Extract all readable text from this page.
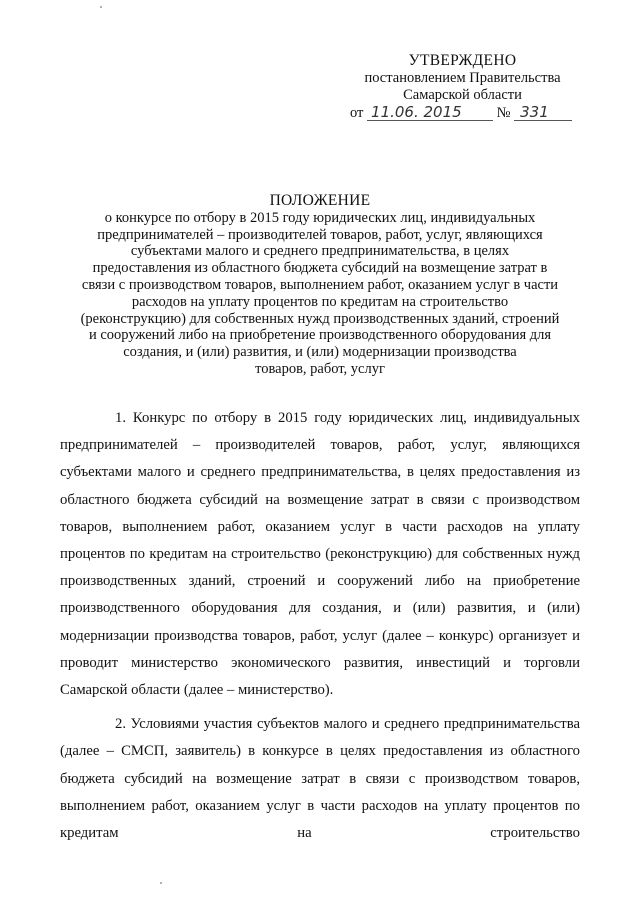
УТВЕРЖДЕНО
постановлением Правительства
Самарской области
от 11.06. 2015 № 331
ПОЛОЖЕНИЕ
о конкурсе по отбору в 2015 году юридических лиц, индивидуальных
предпринимателей – производителей товаров, работ, услуг, являющихся
субъектами малого и среднего предпринимательства, в целях
предоставления из областного бюджета субсидий на возмещение затрат в
связи с производством товаров, выполнением работ, оказанием услуг в части
расходов на уплату процентов по кредитам на строительство
(реконструкцию) для собственных нужд производственных зданий, строений
и сооружений либо на приобретение производственного оборудования для
создания, и (или) развития, и (или) модернизации производства
товаров, работ, услуг

1. Конкурс по отбору в 2015 году юридических лиц, индивидуальных предпринимателей – производителей товаров, работ, услуг, являющихся субъектами малого и среднего предпринимательства, в целях предоставления из областного бюджета субсидий на возмещение затрат в связи с производством товаров, выполнением работ, оказанием услуг в части расходов на уплату процентов по кредитам на строительство (реконструкцию) для собственных нужд производственных зданий, строений и сооружений либо на приобретение производственного оборудования для создания, и (или) развития, и (или) модернизации производства товаров, работ, услуг (далее – конкурс) организует и проводит министерство экономического развития, инвестиций и торговли Самарской области (далее – министерство).

2. Условиями участия субъектов малого и среднего предпринимательства (далее – СМСП, заявитель) в конкурсе в целях предоставления из областного бюджета субсидий на возмещение затрат в связи с производством товаров, выполнением работ, оказанием услуг в части расходов на уплату процентов по кредитам на строительство
